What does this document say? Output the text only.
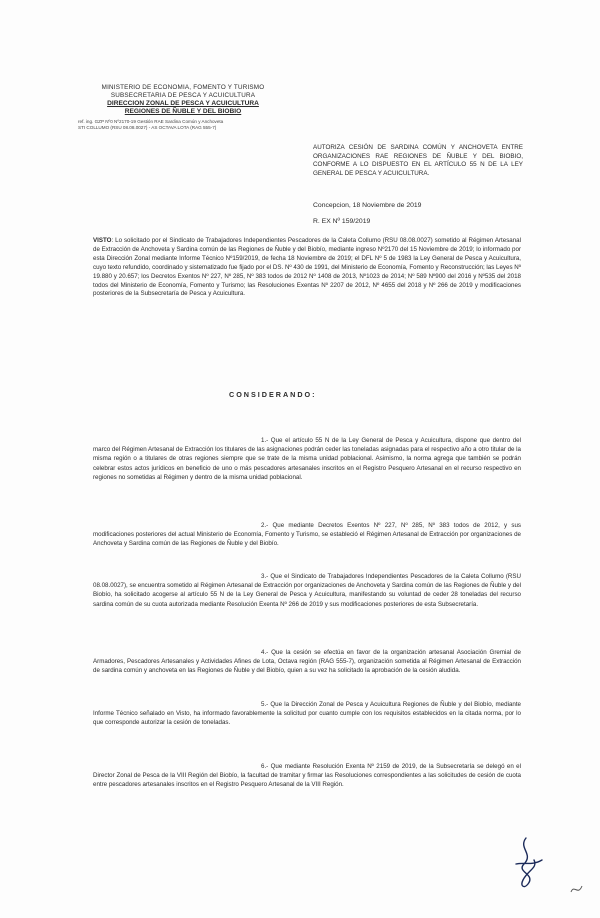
MINISTERIO DE ECONOMIA, FOMENTO Y TURISMO
SUBSECRETARIA DE PESCA Y ACUICULTURA
DIRECCION ZONAL DE PESCA Y ACUICULTURA
REGIONES DE ÑUBLE Y DEL BIOBIO
ref. ing. GZP Nº0 Nº2170-19 Gestión RAE Sardina Común y Anchoveta
STI COLLUMO (RSU 08.08.0027) - AS OCTAVA LOTA (RAG 555-7)
AUTORIZA CESIÓN DE SARDINA COMÚN Y ANCHOVETA ENTRE ORGANIZACIONES RAE REGIONES DE ÑUBLE Y DEL BIOBIO, CONFORME A LO DISPUESTO EN EL ARTÍCULO 55 N DE LA LEY GENERAL DE PESCA Y ACUICULTURA.
Concepcion, 18 Noviembre de 2019
R. EX Nº 159/2019
VISTO: Lo solicitado por el Sindicato de Trabajadores Independientes Pescadores de la Caleta Collumo (RSU 08.08.0027) sometido al Régimen Artesanal de Extracción de Anchoveta y Sardina común de las Regiones de Ñuble y del Biobío, mediante ingreso Nº2170 del 15 Noviembre de 2019; lo informado por esta Dirección Zonal mediante Informe Técnico Nº159/2019, de fecha 18 Noviembre de 2019; el DFL Nº 5 de 1983 la Ley General de Pesca y Acuicultura, cuyo texto refundido, coordinado y sistematizado fue fijado por el DS. Nº 430 de 1991, del Ministerio de Economía, Fomento y Reconstrucción; las Leyes Nº 19.880 y 20.657; los Decretos Exentos Nº 227, Nº 285, Nº 383 todos de 2012 Nº 1408 de 2013, Nº1023 de 2014; Nº 589 Nº900 del 2016 y Nº535 del 2018 todos del Ministerio de Economía, Fomento y Turismo; las Resoluciones Exentas Nº 2207 de 2012, Nº 4655 del 2018 y Nº 266 de 2019 y modificaciones posteriores de la Subsecretaría de Pesca y Acuicultura.
CONSIDERANDO:
1.- Que el artículo 55 N de la Ley General de Pesca y Acuicultura, dispone que dentro del marco del Régimen Artesanal de Extracción los titulares de las asignaciones podrán ceder las toneladas asignadas para el respectivo año a otro titular de la misma región o a titulares de otras regiones siempre que se trate de la misma unidad poblacional. Asimismo, la norma agrega que también se podrán celebrar estos actos jurídicos en beneficio de uno o más pescadores artesanales inscritos en el Registro Pesquero Artesanal en el recurso respectivo en regiones no sometidas al Régimen y dentro de la misma unidad poblacional.
2.- Que mediante Decretos Exentos Nº 227, Nº 285, Nº 383 todos de 2012, y sus modificaciones posteriores del actual Ministerio de Economía, Fomento y Turismo, se estableció el Régimen Artesanal de Extracción por organizaciones de Anchoveta y Sardina común de las Regiones de Ñuble y del Biobío.
3.- Que el Sindicato de Trabajadores Independientes Pescadores de la Caleta Collumo (RSU 08.08.0027), se encuentra sometido al Régimen Artesanal de Extracción por organizaciones de Anchoveta y Sardina común de las Regiones de Ñuble y del Biobío, ha solicitado acogerse al artículo 55 N de la Ley General de Pesca y Acuicultura, manifestando su voluntad de ceder 28 toneladas del recurso sardina común de su cuota autorizada mediante Resolución Exenta Nº 266 de 2019 y sus modificaciones posteriores de esta Subsecretaría.
4.- Que la cesión se efectúa en favor de la organización artesanal Asociación Gremial de Armadores, Pescadores Artesanales y Actividades Afines de Lota, Octava región (RAG 555-7), organización sometida al Régimen Artesanal de Extracción de sardina común y anchoveta en las Regiones de Ñuble y del Biobío, quien a su vez ha solicitado la aprobación de la cesión aludida.
5.- Que la Dirección Zonal de Pesca y Acuicultura Regiones de Ñuble y del Biobío, mediante Informe Técnico señalado en Visto, ha informado favorablemente la solicitud por cuanto cumple con los requisitos establecidos en la citada norma, por lo que corresponde autorizar la cesión de toneladas.
6.- Que mediante Resolución Exenta Nº 2159 de 2019, de la Subsecretaría se delegó en el Director Zonal de Pesca de la VIII Región del Biobío, la facultad de tramitar y firmar las Resoluciones correspondientes a las solicitudes de cesión de cuota entre pescadores artesanales inscritos en el Registro Pesquero Artesanal de la VIII Región.
